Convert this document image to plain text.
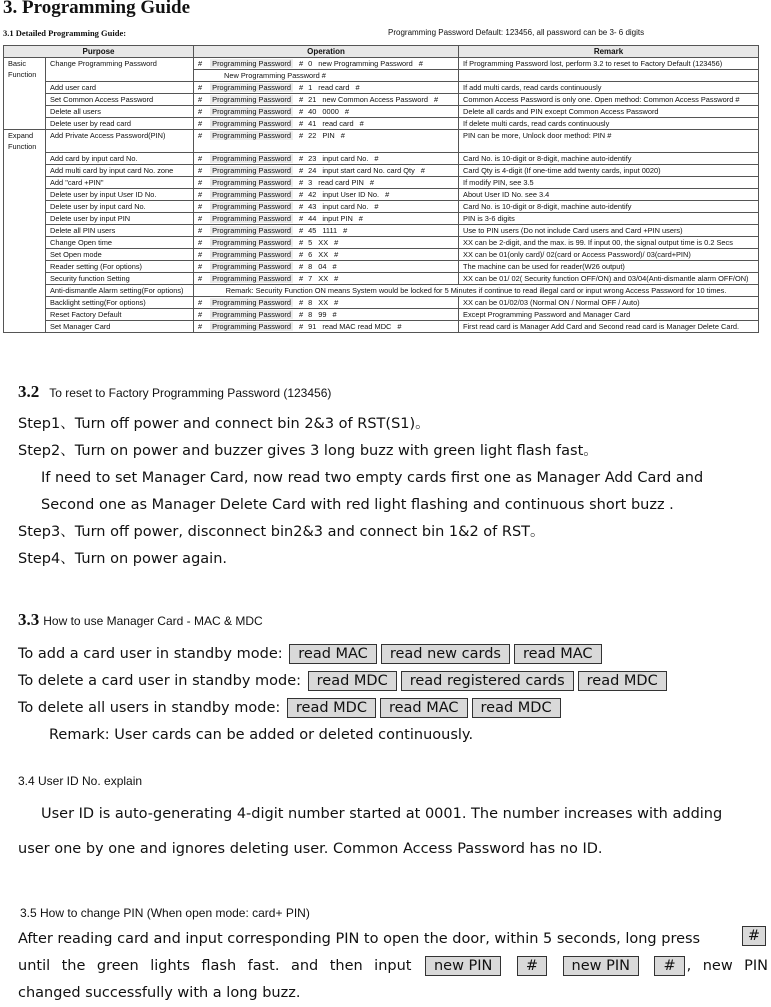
3. Programming Guide
3.1 Detailed Programming Guide:	Programming Password Default: 123456, all password can be 3- 6 digits
Purpose		Operation	Remark
Basic Function	Change Programming Password	# Programming Password # 0 new Programming Password #	If Programming Password lost, perform 3.2 to reset to Factory Default (123456)
		New Programming Password #	
	Add user card	# Programming Password # 1 read card #	If add multi cards, read cards continuously
	Set Common Access Password	# Programming Password # 21 new Common Access Password #	Common Access Password is only one. Open method: Common Access Password #
	Delete all users	# Programming Password # 40 0000 #	Delete all cards and PIN except Common Access Password
	Delete user by read card	# Programming Password # 41 read card #	If delete multi cards, read cards continuously
Expand Function	Add Private Access Password(PIN)	# Programming Password # 22 PIN #	PIN can be more, Unlock door method: PIN #
	Add card by input card No.	# Programming Password # 23 input card No. #	Card No. is 10-digit or 8-digit, machine auto-identify
	Add multi card by input card No. zone	# Programming Password # 24 input start card No. card Qty #	Card Qty is 4-digit (If one-time add twenty cards, input 0020)
	Add "card +PIN"	# Programming Password # 3 read card PIN #	If modify PIN, see 3.5
	Delete user by input User ID No.	# Programming Password # 42 input User ID No. #	About User ID No. see 3.4
	Delete user by input card No.	# Programming Password # 43 input card No. #	Card No. is 10-digit or 8-digit, machine auto-identify
	Delete user by input PIN	# Programming Password # 44 input PIN #	PIN is 3-6 digits
	Delete all PIN users	# Programming Password # 45 1111 #	Use to PIN users (Do not include Card users and Card +PIN users)
	Change Open time	# Programming Password # 5 XX #	XX can be 2-digit, and the max. is 99. If input 00, the signal output time is 0.2 Secs
	Set Open mode	# Programming Password # 6 XX #	XX can be 01(only card)/ 02(card or Access Password)/ 03(card+PIN)
	Reader setting (For options)	# Programming Password # 8 04 #	The machine can be used for reader(W26 output)
	Security function Setting	# Programming Password # 7 XX #	XX can be 01/ 02( Security function OFF/ON) and 03/04(Anti-dismantle alarm OFF/ON)
	Anti-dismantle Alarm setting(For options)	Remark: Security Function ON means System would be locked for 5 Minutes if continue to read illegal card or input wrong Access Password for 10 times.	
	Backlight setting(For options)	# Programming Password # 8 XX #	XX can be 01/02/03 (Normal ON / Normal OFF / Auto)
	Reset Factory Default	# Programming Password # 8 99 #	Except Programming Password and Manager Card
	Set Manager Card	# Programming Password # 91 read MAC read MDC #	First read card is Manager Add Card and Second read card is Manager Delete Card.
3.2 To reset to Factory Programming Password (123456)
Step1、Turn off power and connect bin 2&3 of RST(S1)。
Step2、Turn on power and buzzer gives 3 long buzz with green light flash fast。
If need to set Manager Card, now read two empty cards first one as Manager Add Card and
Second one as Manager Delete Card with red light flashing and continuous short buzz .
Step3、Turn off power, disconnect bin2&3 and connect bin 1&2 of RST。
Step4、Turn on power again.
3.3 How to use Manager Card - MAC & MDC
To add a card user in standby mode: read MAC read new cards read MAC
To delete a card user in standby mode: read MDC read registered cards read MDC
To delete all users in standby mode: read MDC read MAC read MDC
Remark: User cards can be added or deleted continuously.
3.4 User ID No. explain
User ID is auto-generating 4-digit number started at 0001. The number increases with adding
user one by one and ignores deleting user. Common Access Password has no ID.
3.5 How to change PIN (When open mode: card+ PIN)
After reading card and input corresponding PIN to open the door, within 5 seconds, long press	#
until the green lights flash fast. and then input new PIN # new PIN # , new PIN
changed successfully with a long buzz.
